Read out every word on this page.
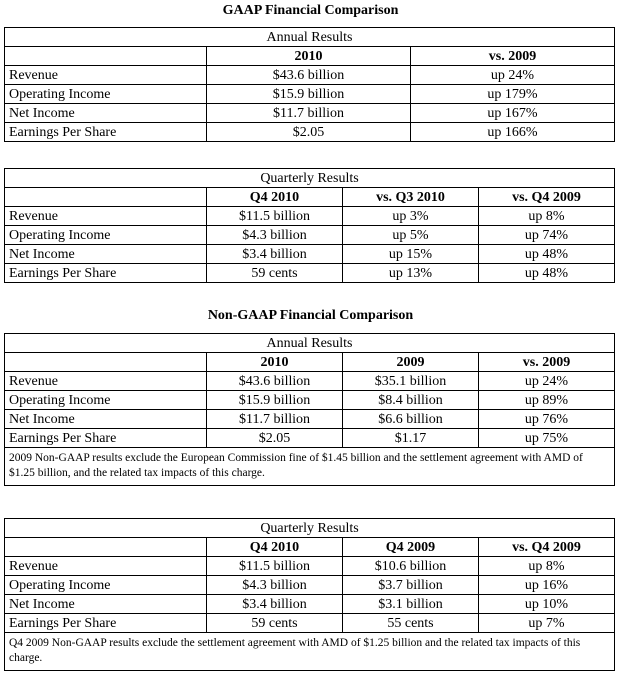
GAAP Financial Comparison
Annual Results		
	2010	vs. 2009
Revenue	$43.6 billion	up 24%
Operating Income	$15.9 billion	up 179%
Net Income	$11.7 billion	up 167%
Earnings Per Share	$2.05	up 166%
Quarterly Results			
	Q4 2010	vs. Q3 2010	vs. Q4 2009
Revenue	$11.5 billion	up 3%	up 8%
Operating Income	$4.3 billion	up 5%	up 74%
Net Income	$3.4 billion	up 15%	up 48%
Earnings Per Share	59 cents	up 13%	up 48%
Non-GAAP Financial Comparison
Annual Results			
	2010	2009	vs. 2009
Revenue	$43.6 billion	$35.1 billion	up 24%
Operating Income	$15.9 billion	$8.4 billion	up 89%
Net Income	$11.7 billion	$6.6 billion	up 76%
Earnings Per Share	$2.05	$1.17	up 75%
2009 Non-GAAP results exclude the European Commission fine of $1.45 billion and the settlement agreement with AMD of $1.25 billion, and the related tax impacts of this charge.			
Quarterly Results			
	Q4 2010	Q4 2009	vs. Q4 2009
Revenue	$11.5 billion	$10.6 billion	up 8%
Operating Income	$4.3 billion	$3.7 billion	up 16%
Net Income	$3.4 billion	$3.1 billion	up 10%
Earnings Per Share	59 cents	55 cents	up 7%
Q4 2009 Non-GAAP results exclude the settlement agreement with AMD of $1.25 billion and the related tax impacts of this charge.			
